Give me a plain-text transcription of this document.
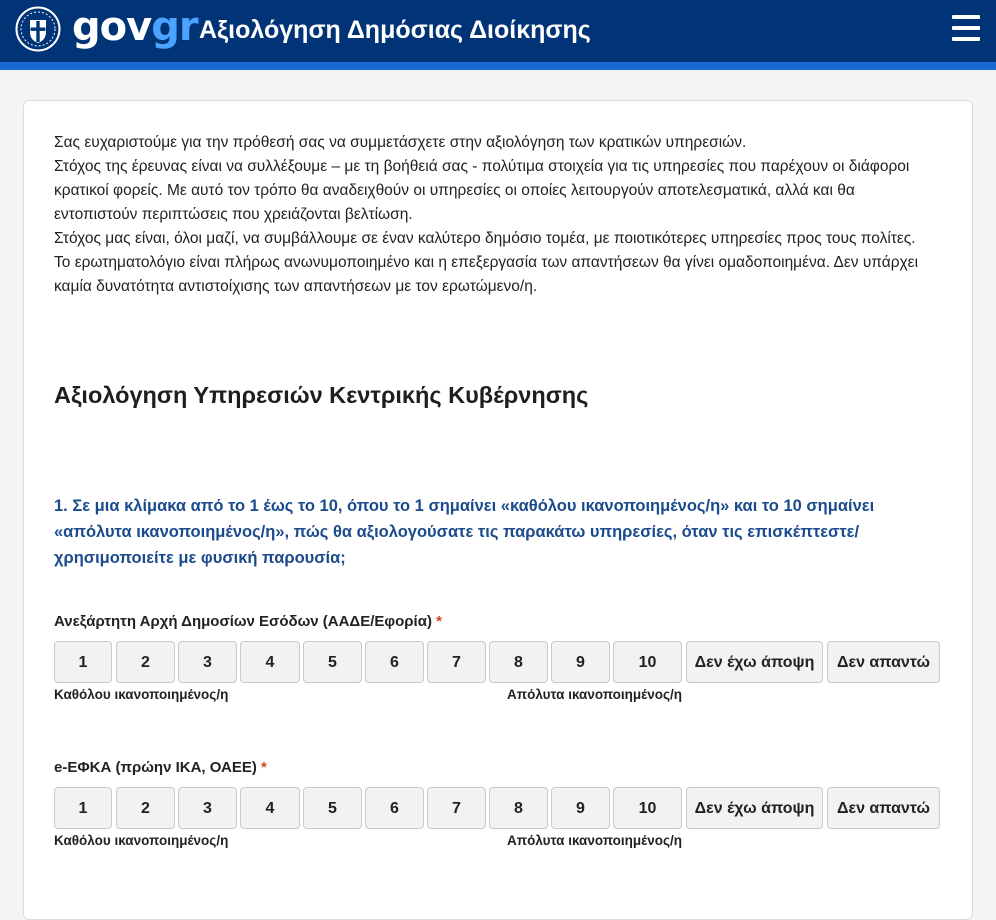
govgr Αξιολόγηση Δημόσιας Διοίκησης

Σας ευχαριστούμε για την πρόθεσή σας να συμμετάσχετε στην αξιολόγηση των κρατικών υπηρεσιών.

Στόχος της έρευνας είναι να συλλέξουμε – με τη βοήθειά σας - πολύτιμα στοιχεία για τις υπηρεσίες που παρέχουν οι διάφοροι κρατικοί φορείς. Με αυτό τον τρόπο θα αναδειχθούν οι υπηρεσίες οι οποίες λειτουργούν αποτελεσματικά, αλλά και θα εντοπιστούν περιπτώσεις που χρειάζονται βελτίωση.

Στόχος μας είναι, όλοι μαζί, να συμβάλλουμε σε έναν καλύτερο δημόσιο τομέα, με ποιοτικότερες υπηρεσίες προς τους πολίτες.

Το ερωτηματολόγιο είναι πλήρως ανωνυμοποιημένο και η επεξεργασία των απαντήσεων θα γίνει ομαδοποιημένα. Δεν υπάρχει καμία δυνατότητα αντιστοίχισης των απαντήσεων με τον ερωτώμενο/η.

Αξιολόγηση Υπηρεσιών Κεντρικής Κυβέρνησης

1. Σε μια κλίμακα από το 1 έως το 10, όπου το 1 σημαίνει «καθόλου ικανοποιημένος/η» και το 10 σημαίνει «απόλυτα ικανοποιημένος/η», πώς θα αξιολογούσατε τις παρακάτω υπηρεσίες, όταν τις επισκέπτεστε/χρησιμοποιείτε με φυσική παρουσία;

Ανεξάρτητη Αρχή Δημοσίων Εσόδων (ΑΑΔΕ/Εφορία) *
1	2	3	4	5	6	7	8	9	10	Δεν έχω άποψη	Δεν απαντώ
Καθόλου ικανοποιημένος/η	Απόλυτα ικανοποιημένος/η
e-ΕΦΚΑ (πρώην ΙΚΑ, ΟΑΕΕ) *
1	2	3	4	5	6	7	8	9	10	Δεν έχω άποψη	Δεν απαντώ
Καθόλου ικανοποιημένος/η	Απόλυτα ικανοποιημένος/η
